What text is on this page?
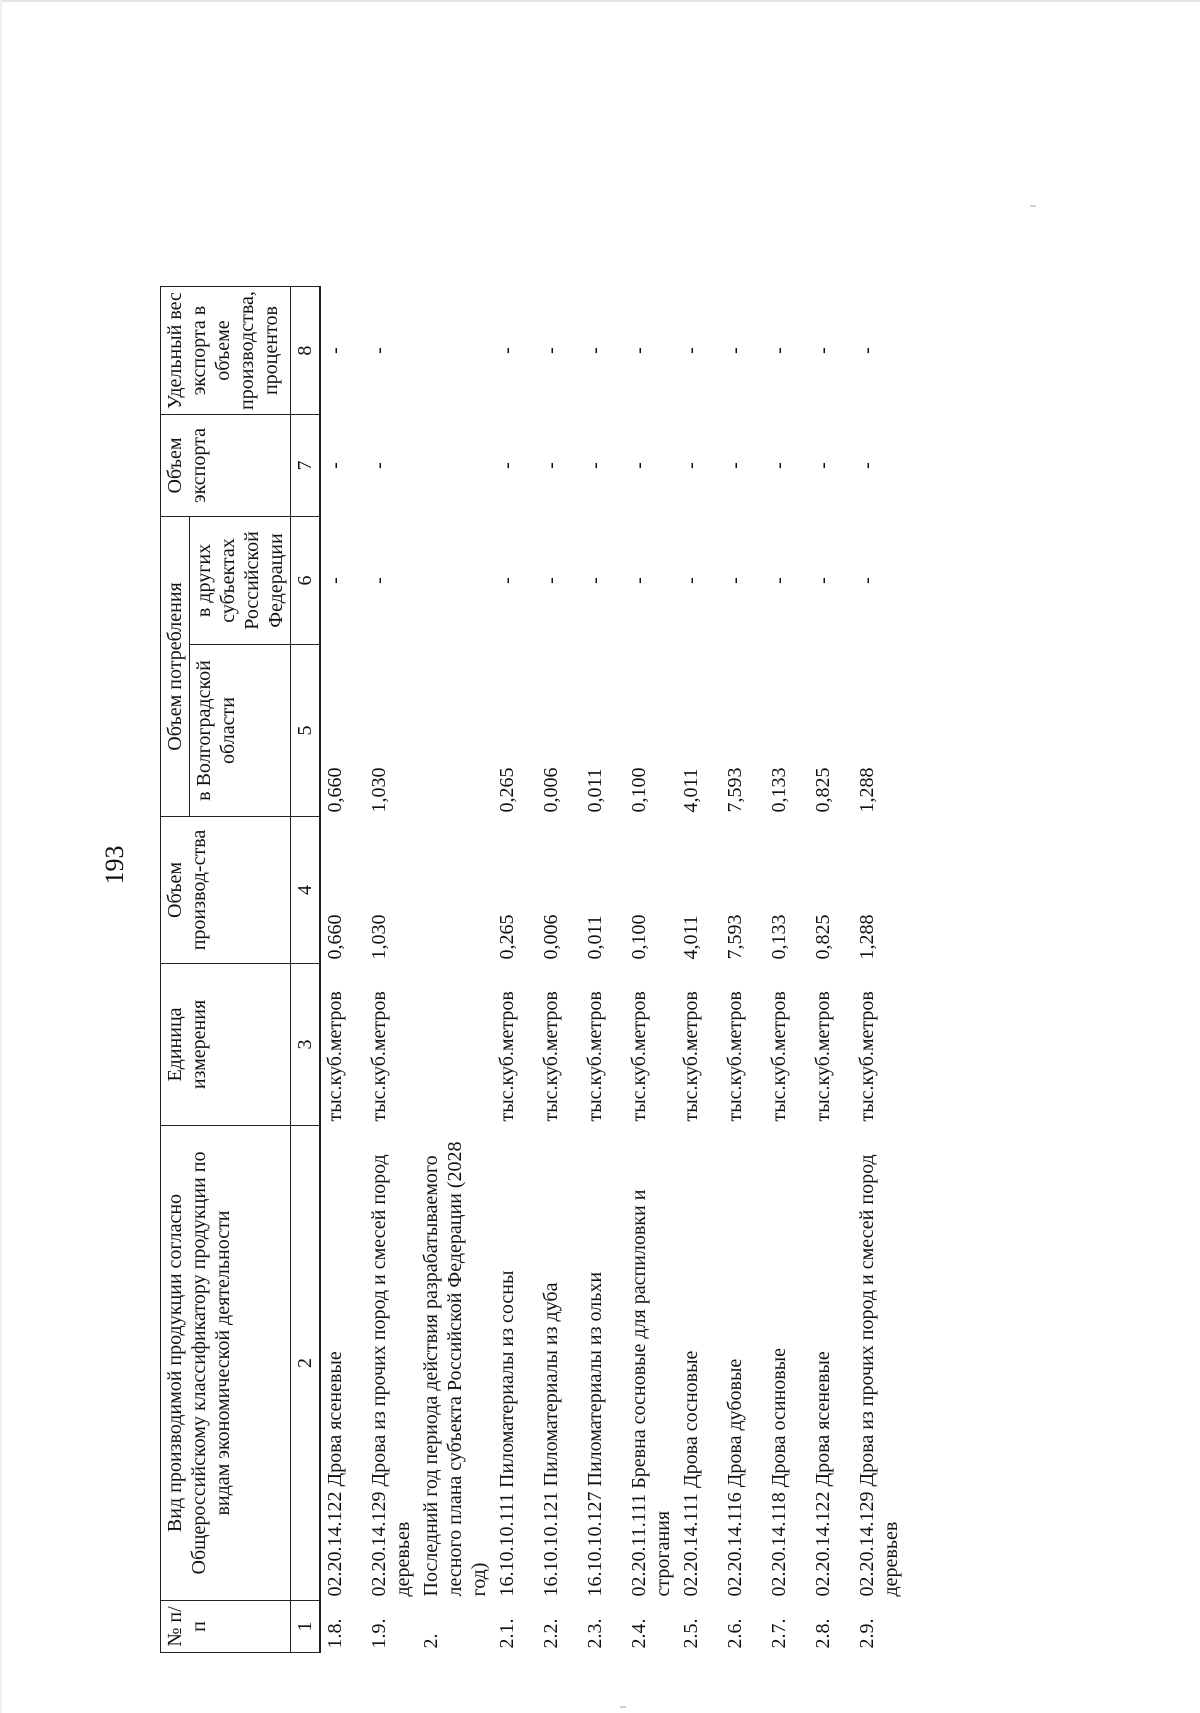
193
№ п/п	Вид производимой продукции согласно Общероссийскому классификатору продукции по видам экономической деятельности	Единица измерения	Объем производ-ства	Объем потребления		Объем экспорта	Удельный вес экспорта в объеме производства, процентов
				в Волгоградской области	в других субъектах Российской Федерации		
1	2	3	4	5	6	7	8
1.8.	02.20.14.122 Дрова ясеневые	тыс.куб.метров	0,660	0,660	-	-	-
1.9.	02.20.14.129 Дрова из прочих пород и смесей пород деревьев	тыс.куб.метров	1,030	1,030	-	-	-
2.	Последний год периода действия разрабатываемого лесного плана субъекта Российской Федерации (2028 год)						
2.1.	16.10.10.111 Пиломатериалы из сосны	тыс.куб.метров	0,265	0,265	-	-	-
2.2.	16.10.10.121 Пиломатериалы из дуба	тыс.куб.метров	0,006	0,006	-	-	-
2.3.	16.10.10.127 Пиломатериалы из ольхи	тыс.куб.метров	0,011	0,011	-	-	-
2.4.	02.20.11.111 Бревна сосновые для распиловки и строгания	тыс.куб.метров	0,100	0,100	-	-	-
2.5.	02.20.14.111 Дрова сосновые	тыс.куб.метров	4,011	4,011	-	-	-
2.6.	02.20.14.116 Дрова дубовые	тыс.куб.метров	7,593	7,593	-	-	-
2.7.	02.20.14.118 Дрова осиновые	тыс.куб.метров	0,133	0,133	-	-	-
2.8.	02.20.14.122 Дрова ясеневые	тыс.куб.метров	0,825	0,825	-	-	-
2.9.	02.20.14.129 Дрова из прочих пород и смесей пород деревьев	тыс.куб.метров	1,288	1,288	-	-	-
